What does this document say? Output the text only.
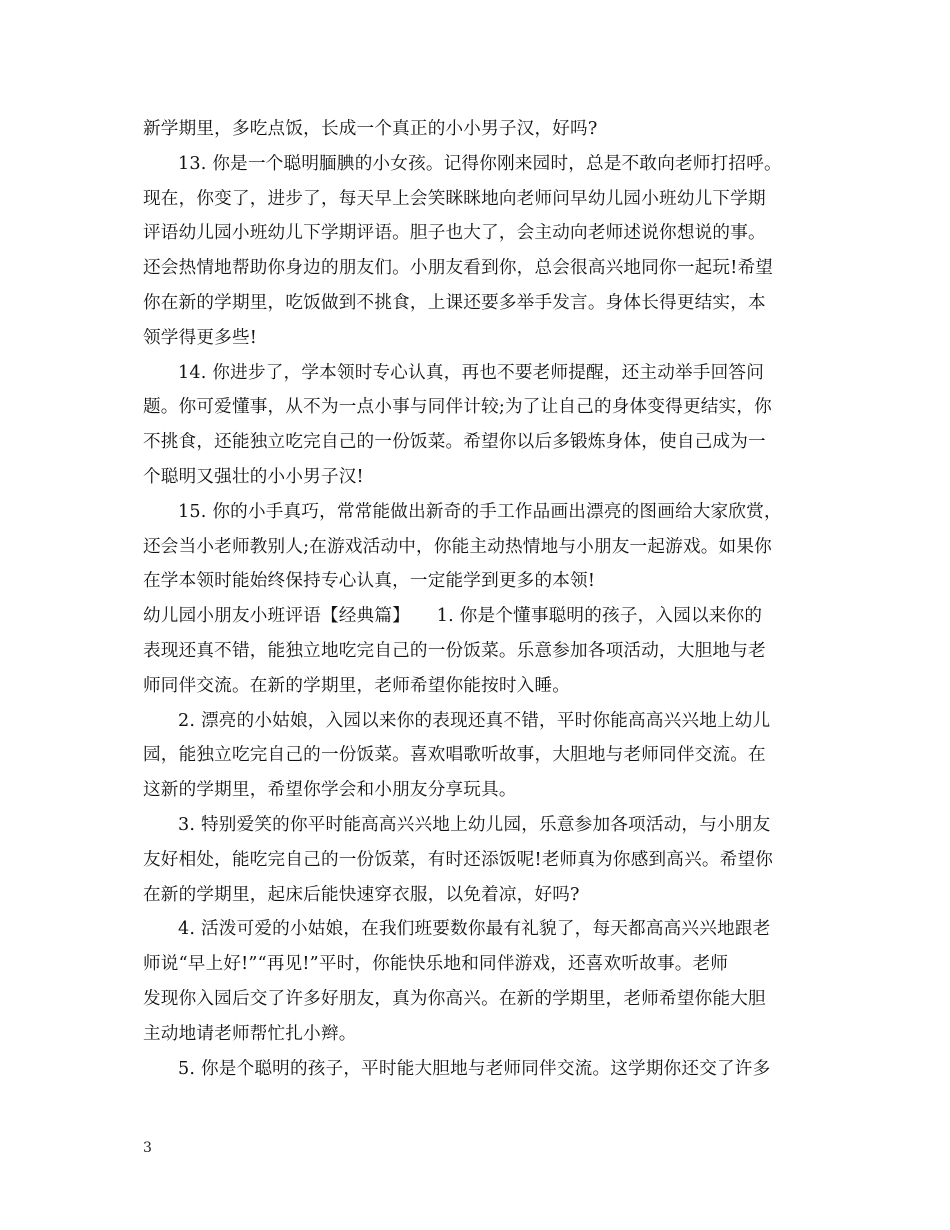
新学期里，多吃点饭，长成一个真正的小小男子汉，好吗?
13. 你是一个聪明腼腆的小女孩。记得你刚来园时，总是不敢向老师打招呼。
现在，你变了，进步了，每天早上会笑眯眯地向老师问早幼儿园小班幼儿下学期
评语幼儿园小班幼儿下学期评语。胆子也大了，会主动向老师述说你想说的事。
还会热情地帮助你身边的朋友们。小朋友看到你，总会很高兴地同你一起玩!希望
你在新的学期里，吃饭做到不挑食，上课还要多举手发言。身体长得更结实，本
领学得更多些!
14. 你进步了，学本领时专心认真，再也不要老师提醒，还主动举手回答问
题。你可爱懂事，从不为一点小事与同伴计较;为了让自己的身体变得更结实，你
不挑食，还能独立吃完自己的一份饭菜。希望你以后多锻炼身体，使自己成为一
个聪明又强壮的小小男子汉!
15. 你的小手真巧，常常能做出新奇的手工作品画出漂亮的图画给大家欣赏，
还会当小老师教别人;在游戏活动中，你能主动热情地与小朋友一起游戏。如果你
在学本领时能始终保持专心认真，一定能学到更多的本领!
幼儿园小朋友小班评语【经典篇】　　1. 你是个懂事聪明的孩子，入园以来你的
表现还真不错，能独立地吃完自己的一份饭菜。乐意参加各项活动，大胆地与老
师同伴交流。在新的学期里，老师希望你能按时入睡。
2. 漂亮的小姑娘，入园以来你的表现还真不错，平时你能高高兴兴地上幼儿
园，能独立吃完自己的一份饭菜。喜欢唱歌听故事，大胆地与老师同伴交流。在
这新的学期里，希望你学会和小朋友分享玩具。
3. 特别爱笑的你平时能高高兴兴地上幼儿园，乐意参加各项活动，与小朋友
友好相处，能吃完自己的一份饭菜，有时还添饭呢!老师真为你感到高兴。希望你
在新的学期里，起床后能快速穿衣服，以免着凉，好吗?
4. 活泼可爱的小姑娘，在我们班要数你最有礼貌了，每天都高高兴兴地跟老
师说“早上好!”“再见!”平时，你能快乐地和同伴游戏，还喜欢听故事。老师
发现你入园后交了许多好朋友，真为你高兴。在新的学期里，老师希望你能大胆
主动地请老师帮忙扎小辫。
5. 你是个聪明的孩子，平时能大胆地与老师同伴交流。这学期你还交了许多
3
